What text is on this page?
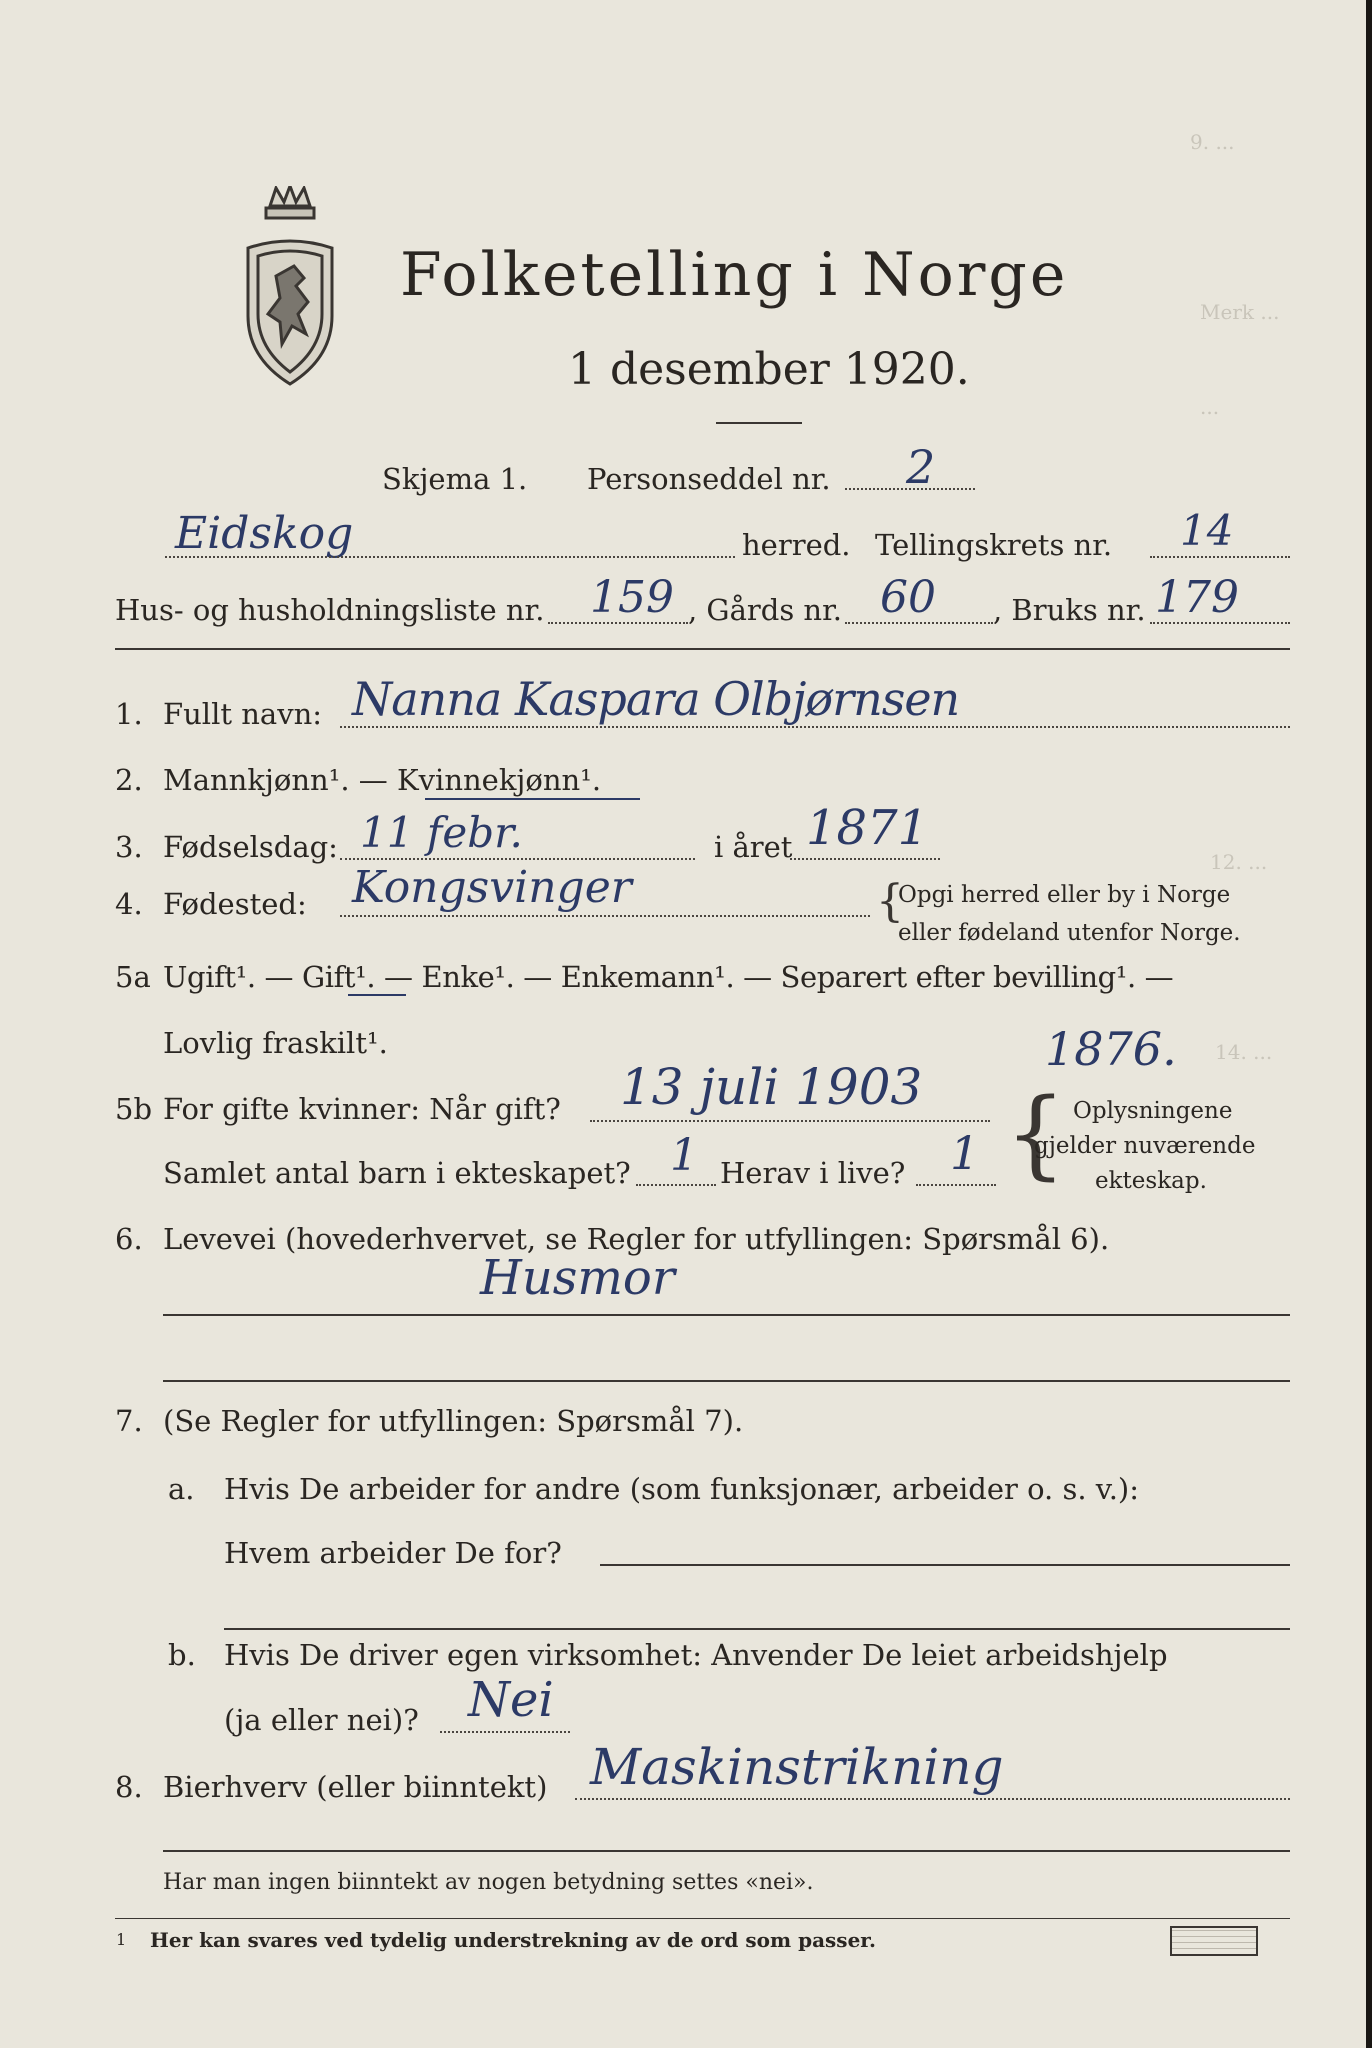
9. ...
Merk ...
...
12. ...
14. ...
Folketelling i Norge
1 desember 1920.
Skjema 1. Personseddel nr. 2
Eidskog	herred. Tellingskrets nr. 14
Hus- og husholdningsliste nr. 159 , Gårds nr. 60 , Bruks nr. 179
1. Fullt navn: Nanna Kaspara Olbjørnsen
2. Mannkjønn¹. — Kvinnekjønn¹.
3. Fødselsdag: 11 febr.	i året 1871
4. Fødested: Kongsvinger	{
Opgi herred eller by i Norge
eller fødeland utenfor Norge.
5a Ugift¹. — Gift¹. — Enke¹. — Enkemann¹. — Separert efter bevilling¹. —
Lovlig fraskilt¹.	1876.
5b For gifte kvinner: Når gift? 13 juli 1903
Samlet antal barn i ekteskapet? 1 Herav i live? 1 { Oplysningene
gjelder nuværende
ekteskap.
6. Levevei (hovederhvervet, se Regler for utfyllingen: Spørsmål 6).
Husmor
7. (Se Regler for utfyllingen: Spørsmål 7).
a. Hvis De arbeider for andre (som funksjonær, arbeider o. s. v.):
Hvem arbeider De for?
b. Hvis De driver egen virksomhet: Anvender De leiet arbeidshjelp
(ja eller nei)? Nei
8. Bierhverv (eller biinntekt) Maskinstrikning
Har man ingen biinntekt av nogen betydning settes «nei».
1 Her kan svares ved tydelig understrekning av de ord som passer.
